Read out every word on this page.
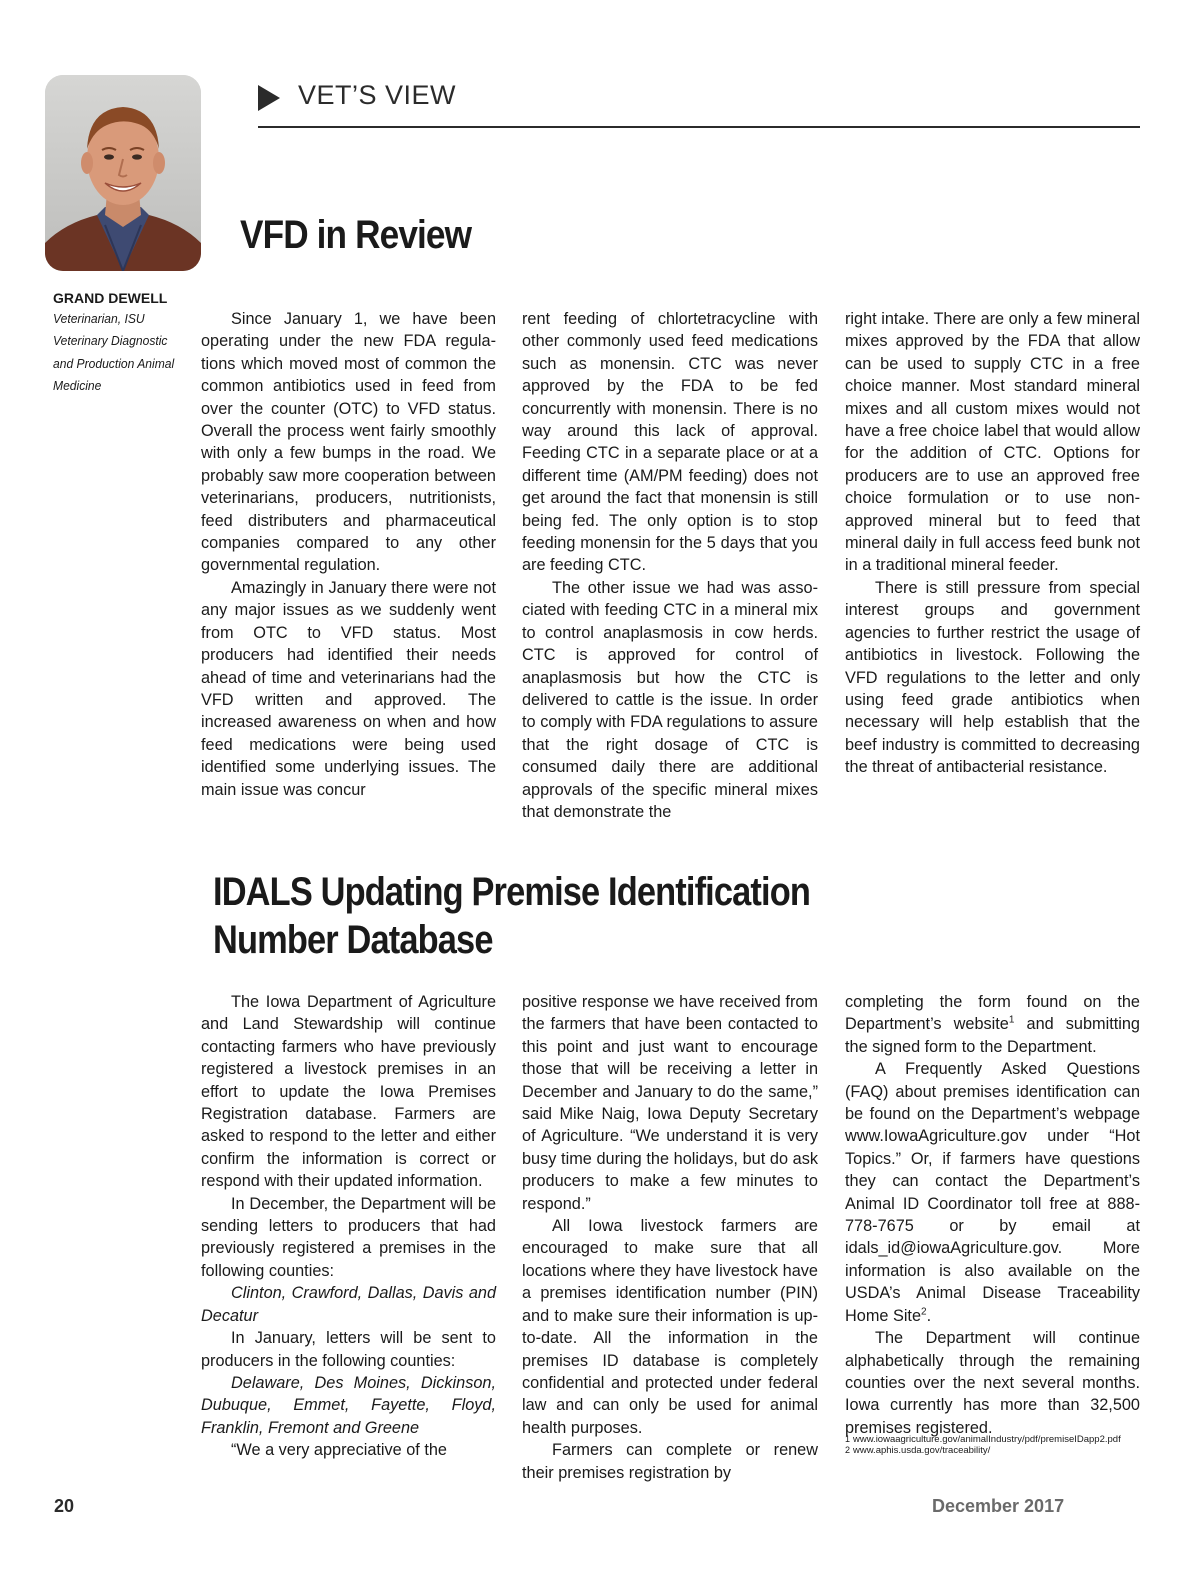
VET’S VIEW
VFD in Review
GRAND DEWELL
Veterinarian, ISU
Veterinary Diagnostic
and Production Animal
Medicine

Since January 1, we have been operating under the new FDA regulations which moved most of common the common antibiotics used in feed from over the counter (OTC) to VFD status. Overall the process went fairly smoothly with only a few bumps in the road. We probably saw more cooperation between veterinarians, producers, nutritionists, feed distributers and pharmaceutical companies compared to any other governmental regulation.

Amazingly in January there were not any major issues as we suddenly went from OTC to VFD status. Most producers had identified their needs ahead of time and veterinarians had the VFD written and approved. The increased awareness on when and how feed medications were being used identified some underlying issues. The main issue was concur

rent feeding of chlortetracycline with other commonly used feed medications such as monensin. CTC was never approved by the FDA to be fed concurrently with monensin. There is no way around this lack of approval. Feeding CTC in a separate place or at a different time (AM/PM feeding) does not get around the fact that monensin is still being fed. The only option is to stop feeding monensin for the 5 days that you are feeding CTC.

The other issue we had was associated with feeding CTC in a mineral mix to control anaplasmosis in cow herds. CTC is approved for control of anaplasmosis but how the CTC is delivered to cattle is the issue. In order to comply with FDA regulations to assure that the right dosage of CTC is consumed daily there are additional approvals of the specific mineral mixes that demonstrate the

right intake. There are only a few mineral mixes approved by the FDA that allow can be used to supply CTC in a free choice manner. Most standard mineral mixes and all custom mixes would not have a free choice label that would allow for the addition of CTC. Options for producers are to use an approved free choice formulation or to use non-approved mineral but to feed that mineral daily in full access feed bunk not in a traditional mineral feeder.

There is still pressure from special interest groups and government agencies to further restrict the usage of antibiotics in livestock. Following the VFD regulations to the letter and only using feed grade antibiotics when necessary will help establish that the beef industry is committed to decreasing the threat of antibacterial resistance.

IDALS Updating Premise Identification
Number Database

The Iowa Department of Agriculture and Land Stewardship will continue contacting farmers who have previously registered a livestock premises in an effort to update the Iowa Premises Registration database. Farmers are asked to respond to the letter and either confirm the information is correct or respond with their updated information.

In December, the Department will be sending letters to producers that had previously registered a premises in the following counties:

Clinton, Crawford, Dallas, Davis and Decatur

In January, letters will be sent to producers in the following counties:

Delaware, Des Moines, Dickinson, Dubuque, Emmet, Fayette, Floyd, Franklin, Fremont and Greene

“We a very appreciative of the

positive response we have received from the farmers that have been contacted to this point and just want to encourage those that will be receiving a letter in December and January to do the same,” said Mike Naig, Iowa Deputy Secretary of Agriculture. “We understand it is very busy time during the holidays, but do ask producers to make a few minutes to respond.”

All Iowa livestock farmers are encouraged to make sure that all locations where they have livestock have a premises identification number (PIN) and to make sure their information is up-to-date. All the information in the premises ID database is completely confidential and protected under federal law and can only be used for animal health purposes.

Farmers can complete or renew their premises registration by

completing the form found on the Department’s website$^1$ and submitting the signed form to the Department.

A Frequently Asked Questions (FAQ) about premises identification can be found on the Department’s webpage www.IowaAgriculture.gov under “Hot Topics.” Or, if farmers have questions they can contact the Department’s Animal ID Coordinator toll free at 888-778-7675 or by email at idals_id@iowaAgriculture.gov. More information is also available on the USDA’s Animal Disease Traceability Home Site$^2$.

The Department will continue alphabetically through the remaining counties over the next several months. Iowa currently has more than 32,500 premises registered.

1 www.iowaagriculture.gov/animalIndustry/pdf/premiseIDapp2.pdf
2 www.aphis.usda.gov/traceability/
20	December 2017
